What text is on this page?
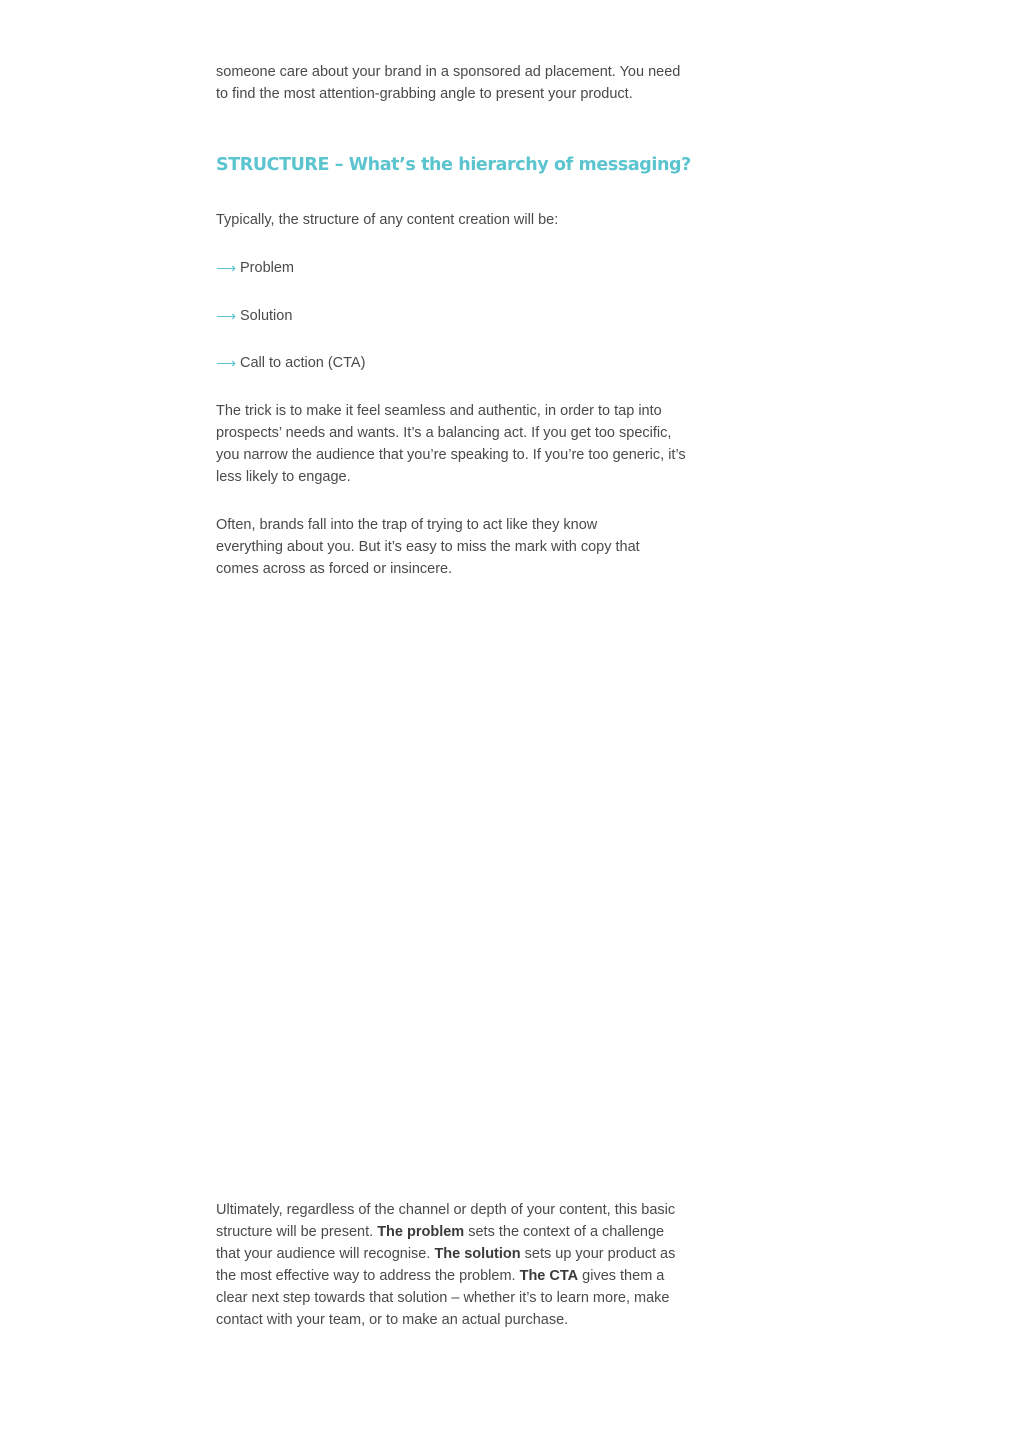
someone care about your brand in a sponsored ad placement. You need to find the most attention-grabbing angle to present your product.

STRUCTURE – What’s the hierarchy of messaging?

Typically, the structure of any content creation will be:

⟶ Problem
⟶ Solution
⟶ Call to action (CTA)

The trick is to make it feel seamless and authentic, in order to tap into prospects’ needs and wants. It’s a balancing act. If you get too specific, you narrow the audience that you’re speaking to. If you’re too generic, it’s less likely to engage.

Often, brands fall into the trap of trying to act like they know everything about you. But it’s easy to miss the mark with copy that comes across as forced or insincere.

Ultimately, regardless of the channel or depth of your content, this basic structure will be present. The problem sets the context of a challenge that your audience will recognise. The solution sets up your product as the most effective way to address the problem. The CTA gives them a clear next step towards that solution – whether it’s to learn more, make contact with your team, or to make an actual purchase.
